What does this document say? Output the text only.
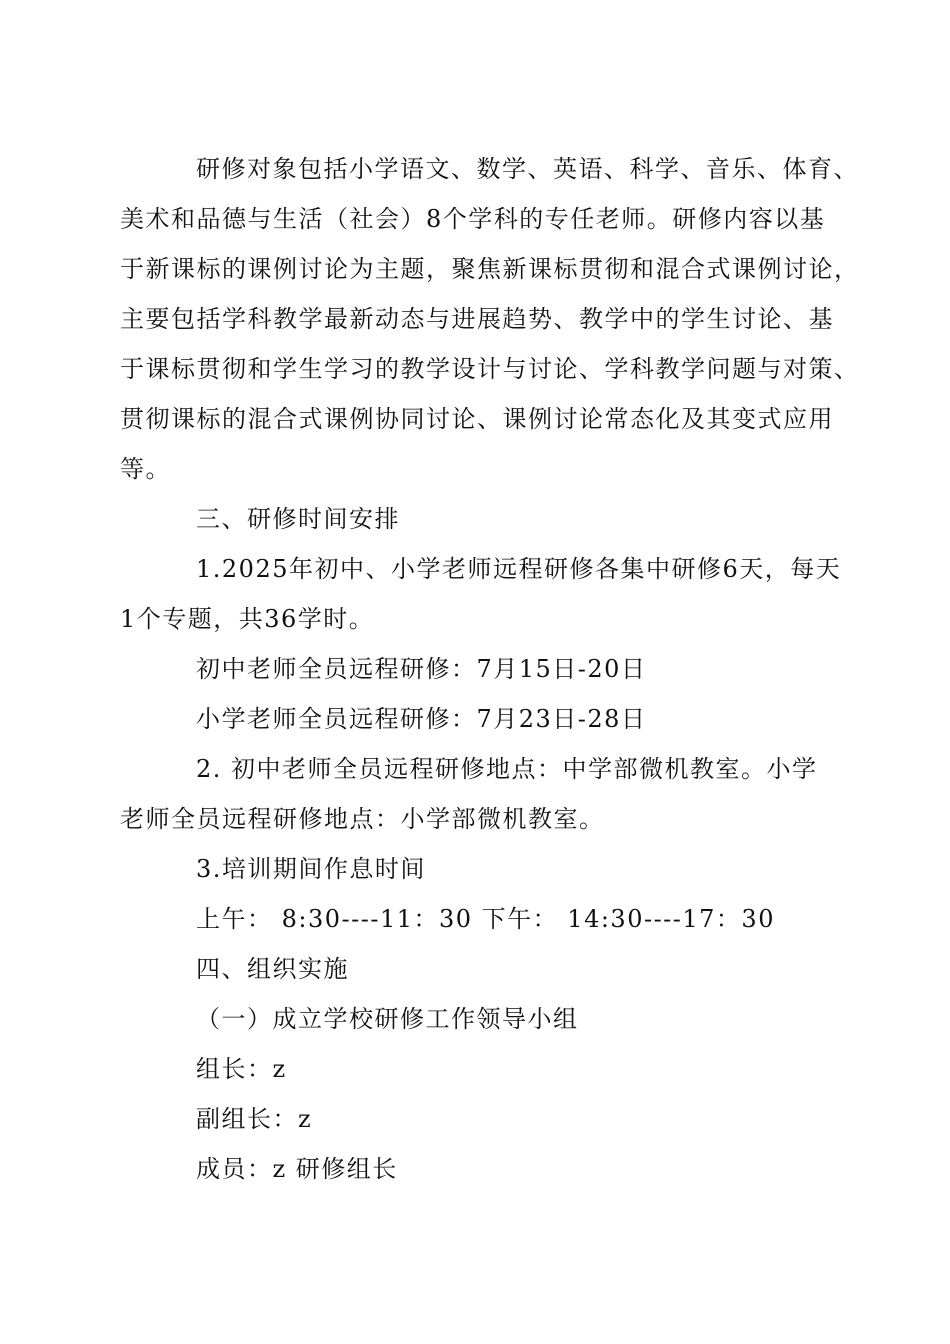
研修对象包括小学语文、数学、英语、科学、音乐、体育、

美术和品德与生活（社会）8个学科的专任老师。研修内容以基

于新课标的课例讨论为主题，聚焦新课标贯彻和混合式课例讨论，

主要包括学科教学最新动态与进展趋势、教学中的学生讨论、基

于课标贯彻和学生学习的教学设计与讨论、学科教学问题与对策、

贯彻课标的混合式课例协同讨论、课例讨论常态化及其变式应用

等。

三、研修时间安排

1.2025年初中、小学老师远程研修各集中研修6天，每天

1个专题，共36学时。

初中老师全员远程研修：7月15日-20日

小学老师全员远程研修：7月23日-28日

2. 初中老师全员远程研修地点：中学部微机教室。小学

老师全员远程研修地点：小学部微机教室。

3.培训期间作息时间

上午： 8:30----11：30 下午： 14:30----17：30

四、组织实施

（一）成立学校研修工作领导小组

组长：z

副组长：z

成员：z 研修组长
